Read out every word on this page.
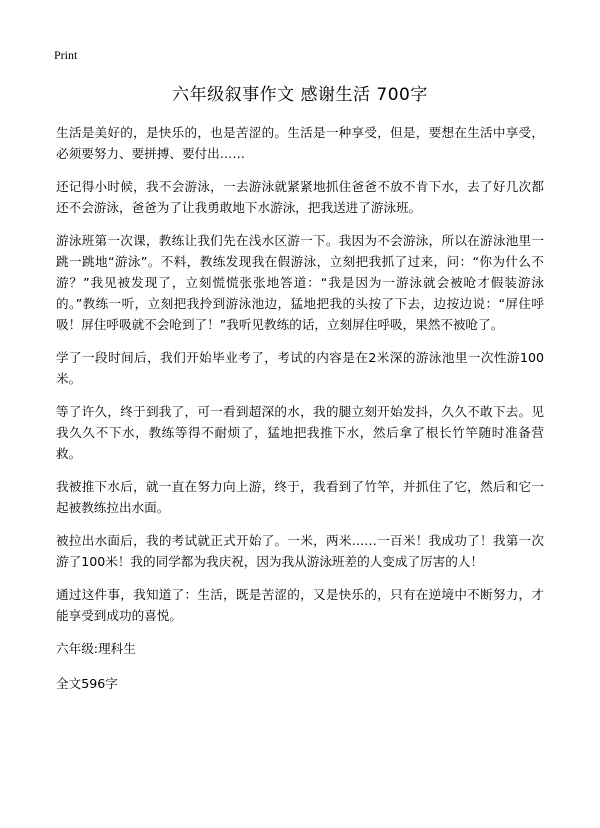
Print

六年级叙事作文 感谢生活 700字

生活是美好的，是快乐的，也是苦涩的。生活是一种享受，但是，要想在生活中享受，必须要努力、要拼搏、要付出……

还记得小时候，我不会游泳，一去游泳就紧紧地抓住爸爸不放不肯下水，去了好几次都还不会游泳，爸爸为了让我勇敢地下水游泳，把我送进了游泳班。

游泳班第一次课，教练让我们先在浅水区游一下。我因为不会游泳，所以在游泳池里一跳一跳地“游泳”。不料，教练发现我在假游泳，立刻把我抓了过来，问：“你为什么不游？”我见被发现了，立刻慌慌张张地答道：“我是因为一游泳就会被呛才假装游泳的。”教练一听，立刻把我拎到游泳池边，猛地把我的头按了下去，边按边说：“屏住呼吸！屏住呼吸就不会呛到了！”我听见教练的话，立刻屏住呼吸，果然不被呛了。

学了一段时间后，我们开始毕业考了，考试的内容是在2米深的游泳池里一次性游100米。

等了许久，终于到我了，可一看到超深的水，我的腿立刻开始发抖，久久不敢下去。见我久久不下水，教练等得不耐烦了，猛地把我推下水，然后拿了根长竹竿随时准备营救。

我被推下水后，就一直在努力向上游，终于，我看到了竹竿，并抓住了它，然后和它一起被教练拉出水面。

被拉出水面后，我的考试就正式开始了。一米，两米……一百米！我成功了！我第一次游了100米！我的同学都为我庆祝，因为我从游泳班差的人变成了厉害的人！

通过这件事，我知道了：生活，既是苦涩的，又是快乐的，只有在逆境中不断努力，才能享受到成功的喜悦。

六年级:理科生

全文596字
